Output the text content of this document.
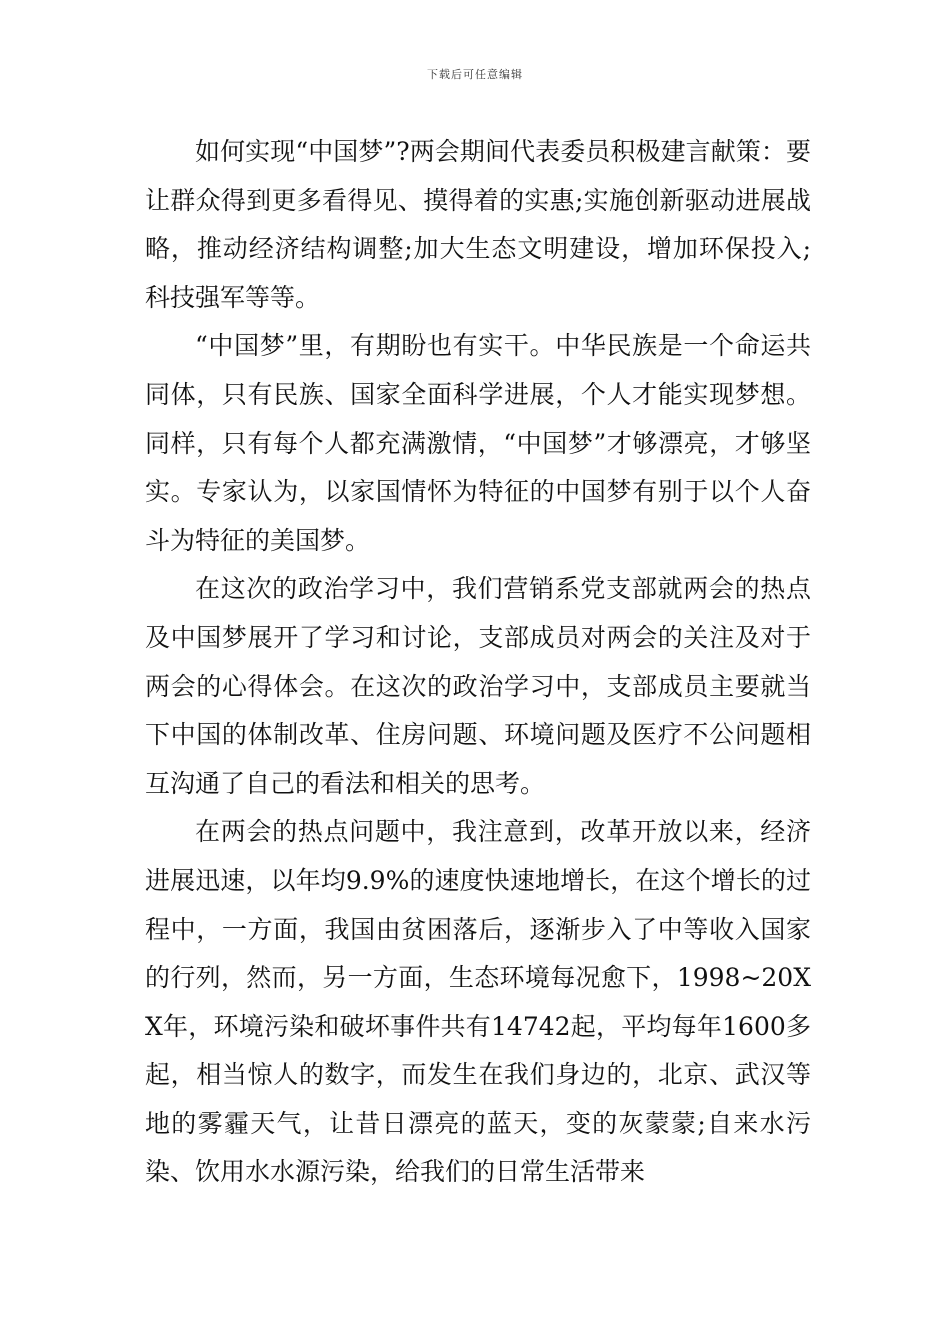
下载后可任意编辑

如何实现“中国梦”?两会期间代表委员积极建言献策：要让群众得到更多看得见、摸得着的实惠;实施创新驱动进展战略，推动经济结构调整;加大生态文明建设，增加环保投入;科技强军等等。

“中国梦”里，有期盼也有实干。中华民族是一个命运共同体，只有民族、国家全面科学进展，个人才能实现梦想。同样，只有每个人都充满激情，“中国梦”才够漂亮，才够坚实。专家认为，以家国情怀为特征的中国梦有别于以个人奋斗为特征的美国梦。

在这次的政治学习中，我们营销系党支部就两会的热点及中国梦展开了学习和讨论，支部成员对两会的关注及对于两会的心得体会。在这次的政治学习中，支部成员主要就当下中国的体制改革、住房问题、环境问题及医疗不公问题相互沟通了自己的看法和相关的思考。

在两会的热点问题中，我注意到，改革开放以来，经济进展迅速，以年均9.9%的速度快速地增长，在这个增长的过程中，一方面，我国由贫困落后，逐渐步入了中等收入国家的行列，然而，另一方面，生态环境每况愈下，1998~20XX年，环境污染和破坏事件共有14742起，平均每年1600多起，相当惊人的数字，而发生在我们身边的，北京、武汉等地的雾霾天气，让昔日漂亮的蓝天，变的灰蒙蒙;自来水污染、饮用水水源污染，给我们的日常生活带来
